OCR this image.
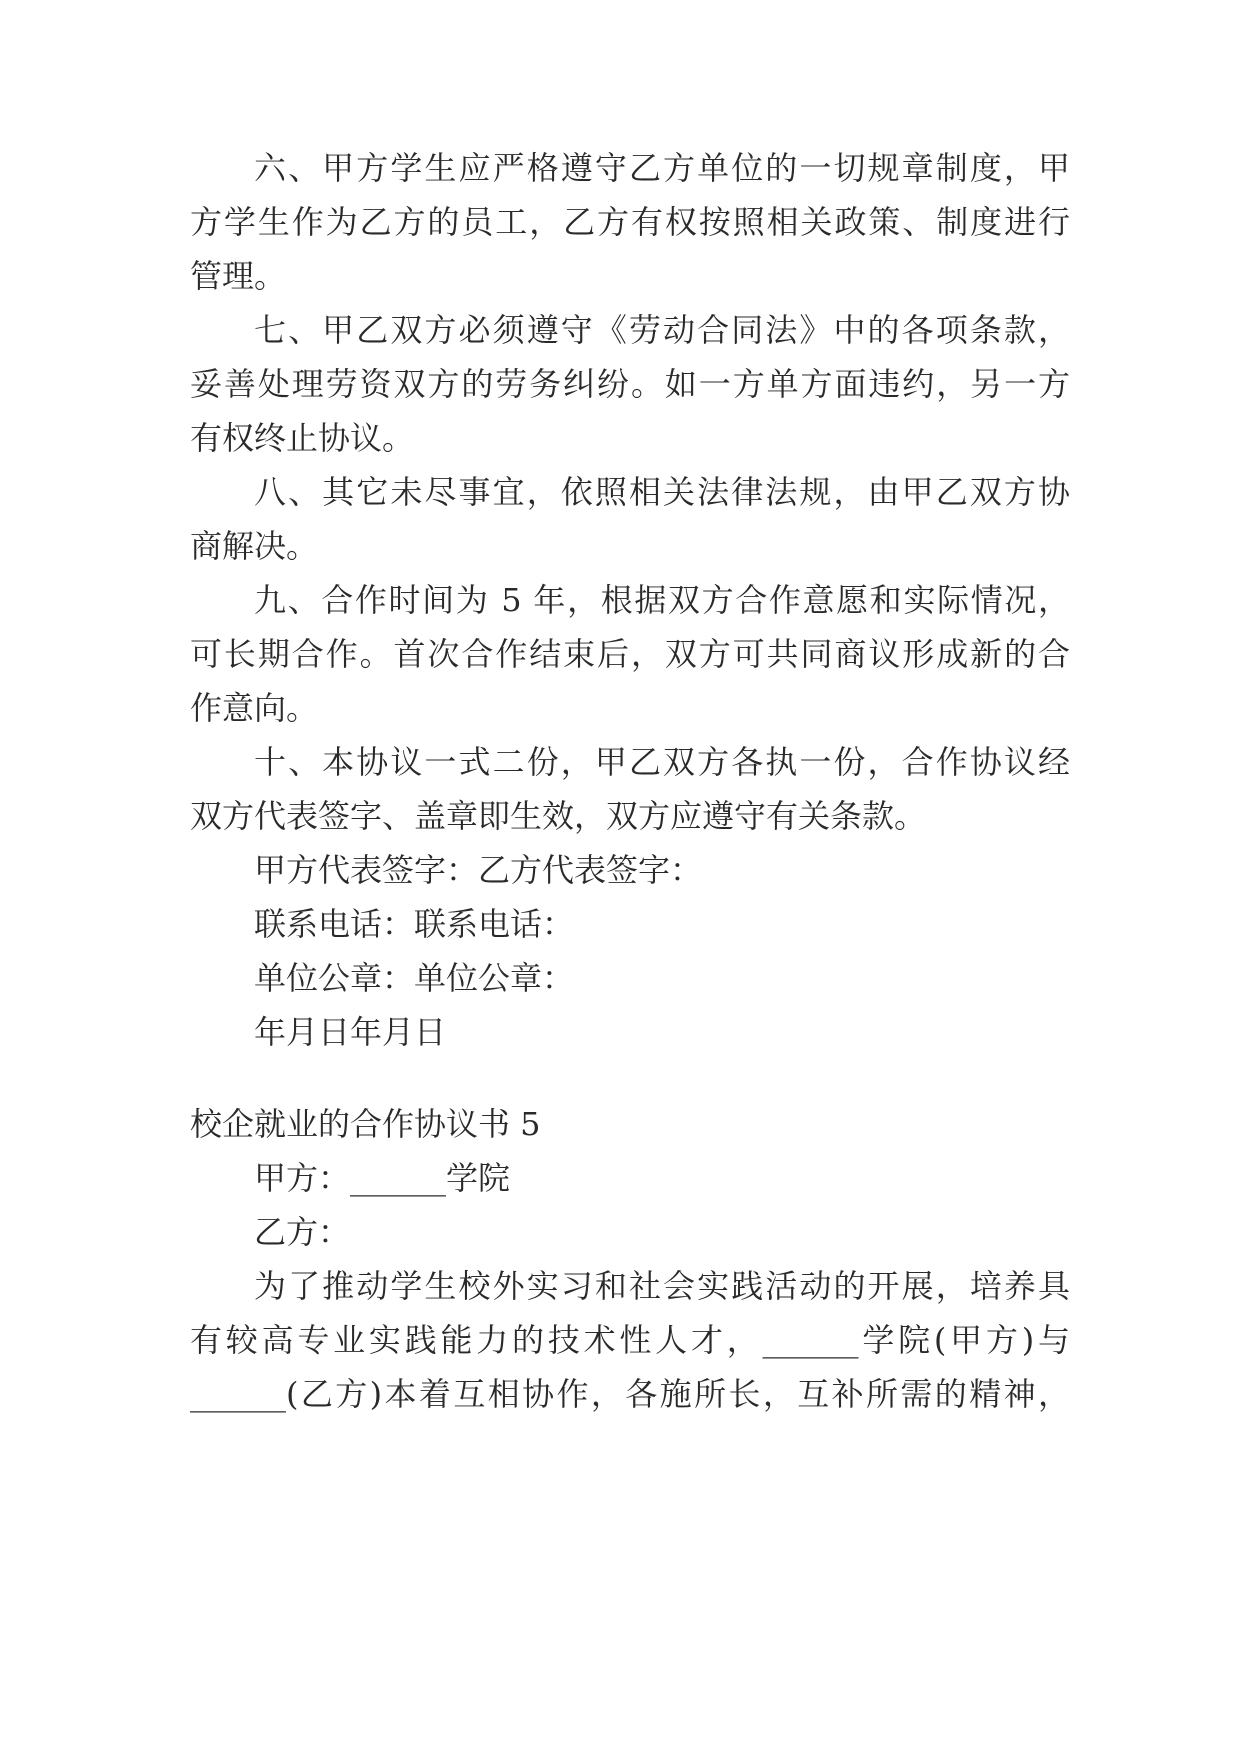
六、甲方学生应严格遵守乙方单位的一切规章制度，甲
方学生作为乙方的员工，乙方有权按照相关政策、制度进行
管理。
七、甲乙双方必须遵守《劳动合同法》中的各项条款，
妥善处理劳资双方的劳务纠纷。如一方单方面违约，另一方
有权终止协议。
八、其它未尽事宜，依照相关法律法规，由甲乙双方协
商解决。
九、合作时间为 5 年，根据双方合作意愿和实际情况，
可长期合作。首次合作结束后，双方可共同商议形成新的合
作意向。
十、本协议一式二份，甲乙双方各执一份，合作协议经
双方代表签字、盖章即生效，双方应遵守有关条款。
甲方代表签字：乙方代表签字：
联系电话：联系电话：
单位公章：单位公章：
年月日年月日
校企就业的合作协议书 5
甲方：______学院
乙方：
为了推动学生校外实习和社会实践活动的开展，培养具
有较高专业实践能力的技术性人才，______学院(甲方)与
______(乙方)本着互相协作，各施所长，互补所需的精神，
